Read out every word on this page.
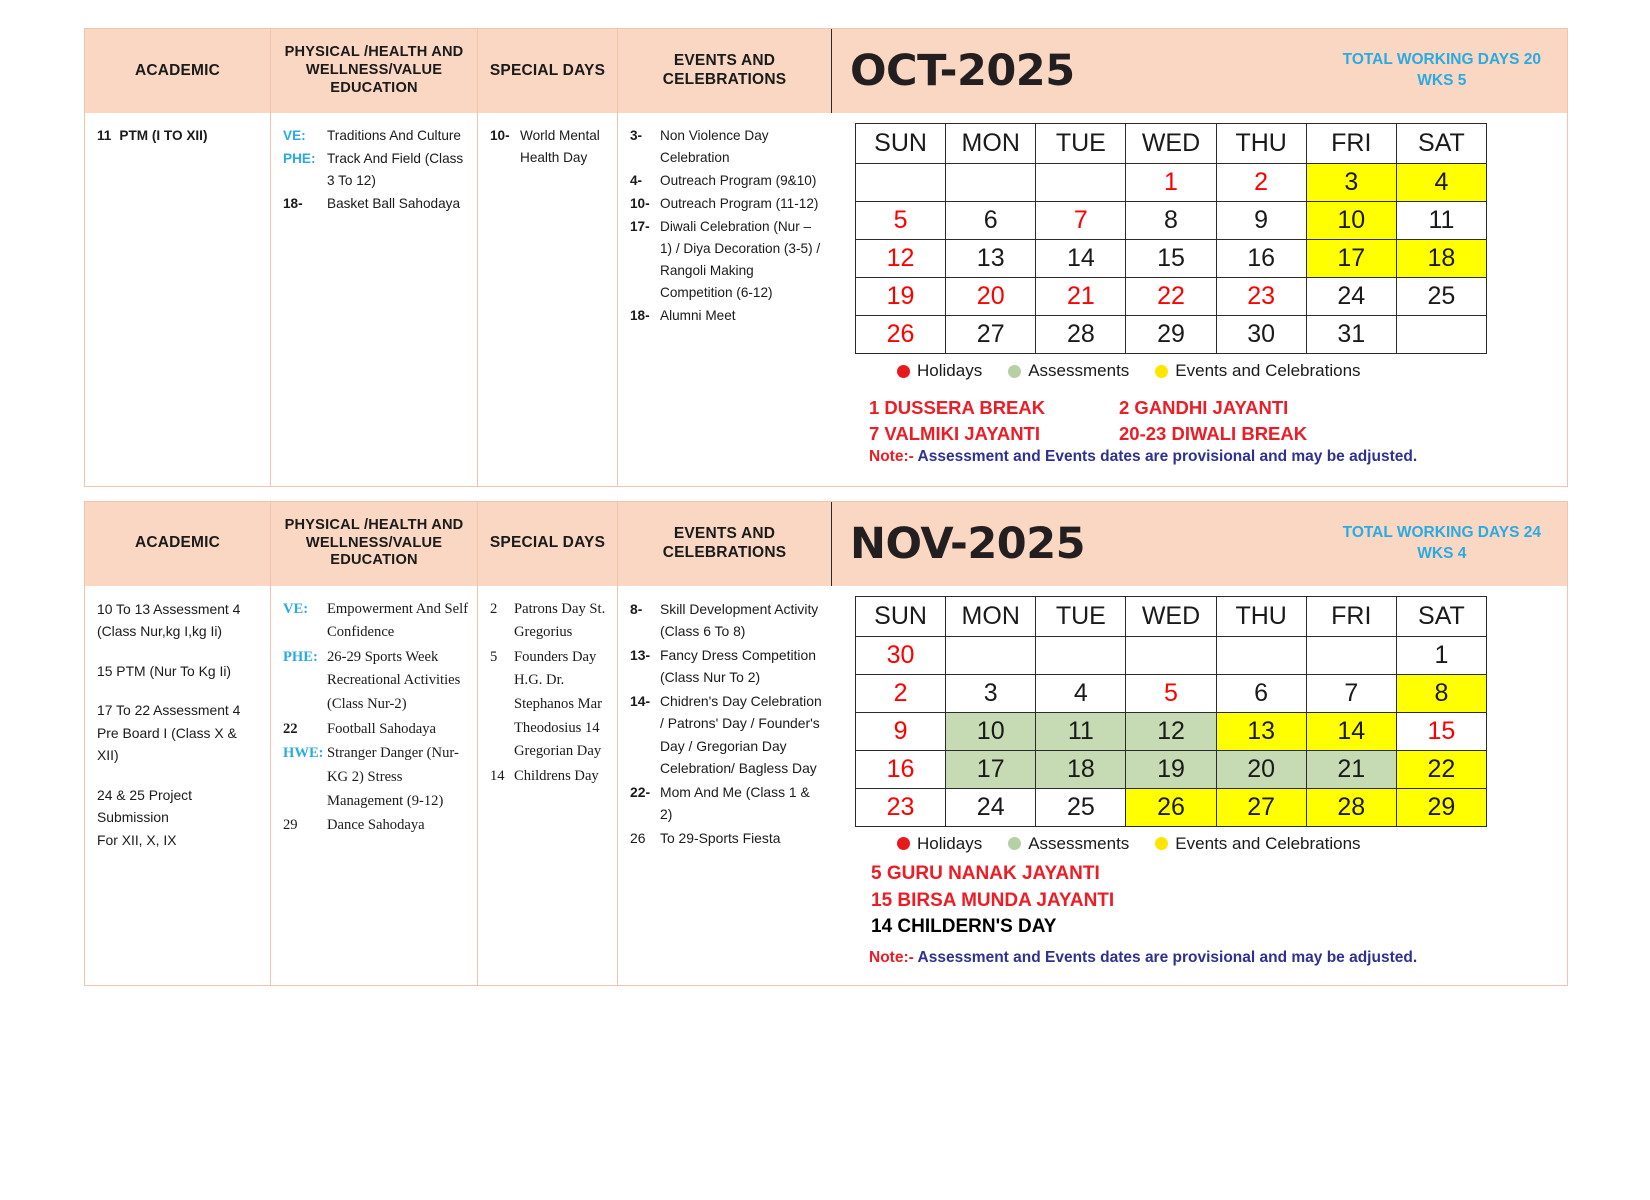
ACADEMIC
11 PTM (I TO XII)
PHYSICAL /HEALTH AND WELLNESS/VALUE EDUCATION
VE:	Traditions And Culture
PHE: Track And Field (Class 3 To 12)
18-	Basket Ball Sahodaya
SPECIAL DAYS
10- World Mental Health Day
EVENTS AND CELEBRATIONS
3-	Non Violence Day Celebration
4-	Outreach Program (9&10)
10- Outreach Program (11-12)
17- Diwali Celebration (Nur – 1) / Diya Decoration (3-5) / Rangoli Making Competition (6-12)
18- Alumni Meet
OCT-2025	TOTAL WORKING DAYS 20
WKS 5
SUN	MON	TUE	WED	THU	FRI	SAT
			1	2	3	4
5	6	7	8	9	10	11
12	13	14	15	16	17	18
19	20	21	22	23	24	25
26	27	28	29	30	31	
Holidays	Assessments	Events and Celebrations
1 DUSSERA BREAK
7 VALMIKI JAYANTI
2 GANDHI JAYANTI
20-23 DIWALI BREAK
Note:- Assessment and Events dates are provisional and may be adjusted.
ACADEMIC
10 To 13 Assessment 4
(Class Nur,kg I,kg Ii)
15 PTM (Nur To Kg Ii)
17 To 22 Assessment 4
Pre Board I (Class X &
XII)
24 & 25 Project
Submission
For XII, X, IX
PHYSICAL /HEALTH AND WELLNESS/VALUE EDUCATION
VE:	Empowerment And Self Confidence
PHE: 26-29 Sports Week Recreational Activities (Class Nur-2)
22	Football Sahodaya
HWE: Stranger Danger (Nur-KG 2) Stress Management (9-12)
29	Dance Sahodaya
SPECIAL DAYS
2	Patrons Day St. Gregorius
5	Founders Day H.G. Dr. Stephanos Mar Theodosius 14 Gregorian Day
14 Childrens Day
EVENTS AND CELEBRATIONS
8-	Skill Development Activity (Class 6 To 8)
13- Fancy Dress Competition (Class Nur To 2)
14- Chidren's Day Celebration / Patrons' Day / Founder's Day / Gregorian Day Celebration/ Bagless Day
22- Mom And Me (Class 1 & 2)
26	To 29-Sports Fiesta
NOV-2025	TOTAL WORKING DAYS 24
WKS 4
SUN	MON	TUE	WED	THU	FRI	SAT
30						1
2	3	4	5	6	7	8
9	10	11	12	13	14	15
16	17	18	19	20	21	22
23	24	25	26	27	28	29
Holidays	Assessments	Events and Celebrations
5 GURU NANAK JAYANTI
15 BIRSA MUNDA JAYANTI
14 CHILDERN'S DAY
Note:- Assessment and Events dates are provisional and may be adjusted.
